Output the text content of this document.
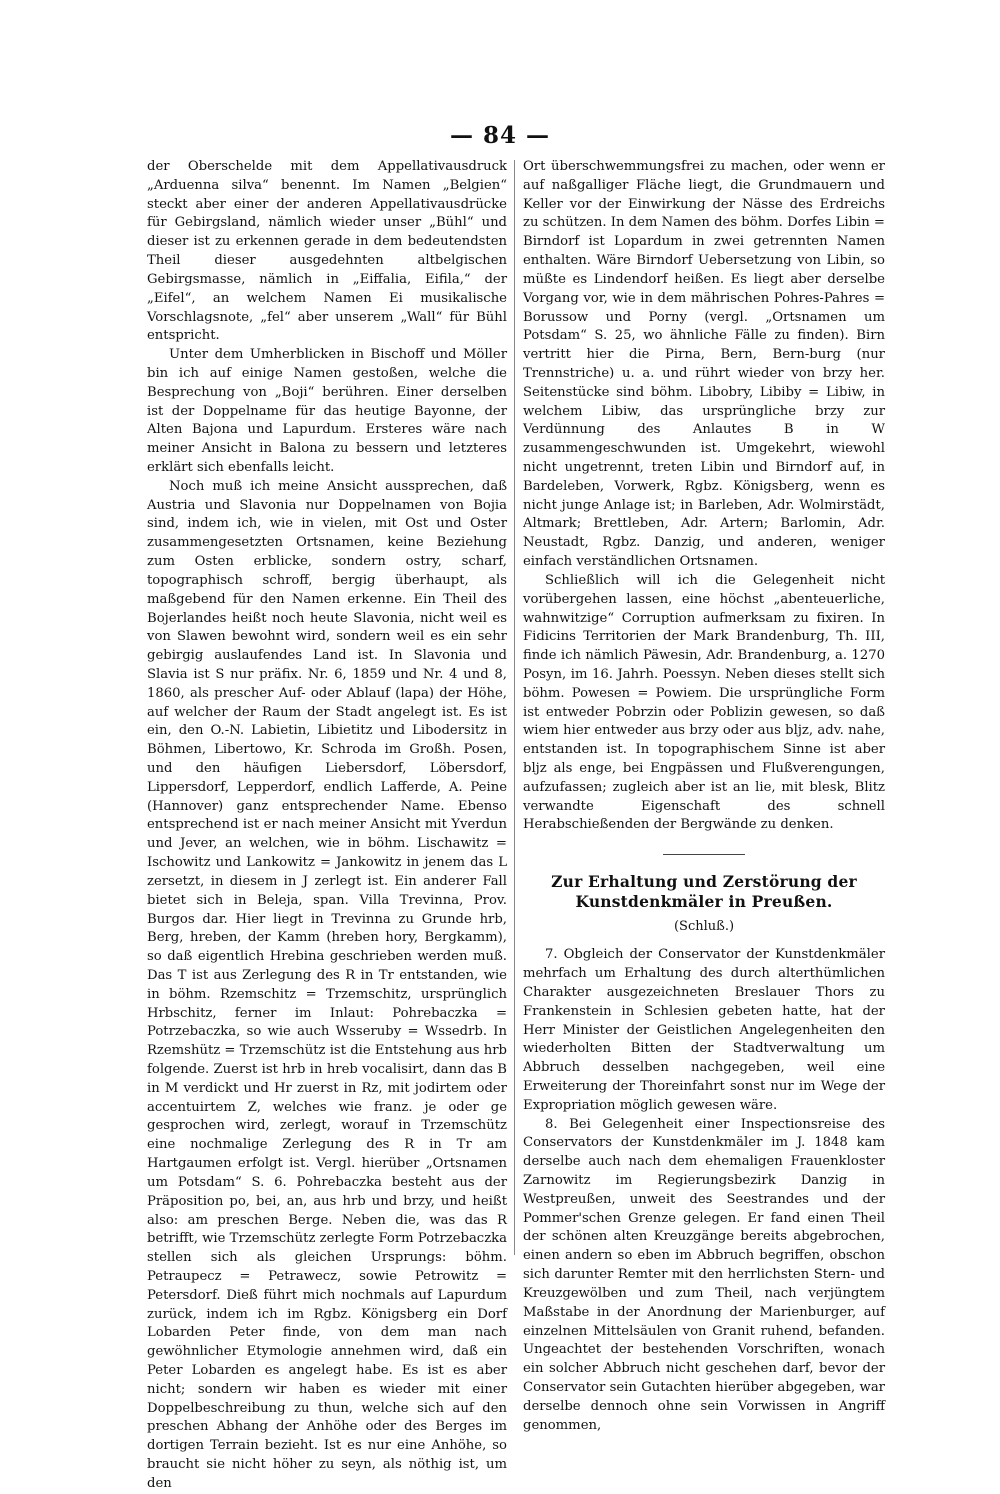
— 84 —

der Oberschelde mit dem Appellativausdruck „Arduenna silva“ benennt. Im Namen „Belgien“ steckt aber einer der anderen Appellativausdrücke für Gebirgsland, nämlich wieder unser „Bühl“ und dieser ist zu erkennen gerade in dem bedeutendsten Theil dieser ausgedehnten altbelgischen Gebirgsmasse, nämlich in „Eiffalia, Eifila,“ der „Eifel“, an welchem Namen Ei musikalische Vorschlagsnote, „fel“ aber unserem „Wall“ für Bühl entspricht.

Unter dem Umherblicken in Bischoff und Möller bin ich auf einige Namen gestoßen, welche die Besprechung von „Boji“ berühren. Einer derselben ist der Doppelname für das heutige Bayonne, der Alten Bajona und Lapurdum. Ersteres wäre nach meiner Ansicht in Balona zu bessern und letzteres erklärt sich ebenfalls leicht.

Noch muß ich meine Ansicht aussprechen, daß Austria und Slavonia nur Doppelnamen von Bojia sind, indem ich, wie in vielen, mit Ost und Oster zusammengesetzten Ortsnamen, keine Beziehung zum Osten erblicke, sondern ostry, scharf, topographisch schroff, bergig überhaupt, als maßgebend für den Namen erkenne. Ein Theil des Bojerlandes heißt noch heute Slavonia, nicht weil es von Slawen bewohnt wird, sondern weil es ein sehr gebirgig auslaufendes Land ist. In Slavonia und Slavia ist S nur präfix. Nr. 6, 1859 und Nr. 4 und 8, 1860, als prescher Auf- oder Ablauf (lapa) der Höhe, auf welcher der Raum der Stadt angelegt ist. Es ist ein, den O.-N. Labietin, Libietitz und Libodersitz in Böhmen, Libertowo, Kr. Schroda im Großh. Posen, und den häufigen Liebersdorf, Löbersdorf, Lippersdorf, Lepperdorf, endlich Lafferde, A. Peine (Hannover) ganz entsprechender Name. Ebenso entsprechend ist er nach meiner Ansicht mit Yverdun und Jever, an welchen, wie in böhm. Lischawitz = Ischowitz und Lankowitz = Jankowitz in jenem das L zersetzt, in diesem in J zerlegt ist. Ein anderer Fall bietet sich in Beleja, span. Villa Trevinna, Prov. Burgos dar. Hier liegt in Trevinna zu Grunde hrb, Berg, hreben, der Kamm (hreben hory, Bergkamm), so daß eigentlich Hrebina geschrieben werden muß. Das T ist aus Zerlegung des R in Tr entstanden, wie in böhm. Rzemschitz = Trzemschitz, ursprünglich Hrbschitz, ferner im Inlaut: Pohrebaczka = Potrzebaczka, so wie auch Wsseruby = Wssedrb. In Rzemshütz = Trzemschütz ist die Entstehung aus hrb folgende. Zuerst ist hrb in hreb vocalisirt, dann das B in M verdickt und Hr zuerst in Rz, mit jodirtem oder accentuirtem Z, welches wie franz. je oder ge gesprochen wird, zerlegt, worauf in Trzemschütz eine nochmalige Zerlegung des R in Tr am Hartgaumen erfolgt ist. Vergl. hierüber „Ortsnamen um Potsdam“ S. 6. Pohrebaczka besteht aus der Präposition po, bei, an, aus hrb und brzy, und heißt also: am preschen Berge. Neben die, was das R betrifft, wie Trzemschütz zerlegte Form Potrzebaczka stellen sich als gleichen Ursprungs: böhm. Petraupecz = Petrawecz, sowie Petrowitz = Petersdorf. Dieß führt mich nochmals auf Lapurdum zurück, indem ich im Rgbz. Königsberg ein Dorf Lobarden Peter finde, von dem man nach gewöhnlicher Etymologie annehmen wird, daß ein Peter Lobarden es angelegt habe. Es ist es aber nicht; sondern wir haben es wieder mit einer Doppelbeschreibung zu thun, welche sich auf den preschen Abhang der Anhöhe oder des Berges im dortigen Terrain bezieht. Ist es nur eine Anhöhe, so braucht sie nicht höher zu seyn, als nöthig ist, um den

Ort überschwemmungsfrei zu machen, oder wenn er auf naßgalliger Fläche liegt, die Grundmauern und Keller vor der Einwirkung der Nässe des Erdreichs zu schützen. In dem Namen des böhm. Dorfes Libin = Birndorf ist Lopardum in zwei getrennten Namen enthalten. Wäre Birndorf Uebersetzung von Libin, so müßte es Lindendorf heißen. Es liegt aber derselbe Vorgang vor, wie in dem mährischen Pohres-Pahres = Borussow und Porny (vergl. „Ortsnamen um Potsdam“ S. 25, wo ähnliche Fälle zu finden). Birn vertritt hier die Pirna, Bern, Bern-burg (nur Trennstriche) u. a. und rührt wieder von brzy her. Seitenstücke sind böhm. Libobry, Libiby = Libiw, in welchem Libiw, das ursprüngliche brzy zur Verdünnung des Anlautes B in W zusammengeschwunden ist. Umgekehrt, wiewohl nicht ungetrennt, treten Libin und Birndorf auf, in Bardeleben, Vorwerk, Rgbz. Königsberg, wenn es nicht junge Anlage ist; in Barleben, Adr. Wolmirstädt, Altmark; Brettleben, Adr. Artern; Barlomin, Adr. Neustadt, Rgbz. Danzig, und anderen, weniger einfach verständlichen Ortsnamen.

Schließlich will ich die Gelegenheit nicht vorübergehen lassen, eine höchst „abenteuerliche, wahnwitzige“ Corruption aufmerksam zu fixiren. In Fidicins Territorien der Mark Brandenburg, Th. III, finde ich nämlich Päwesin, Adr. Brandenburg, a. 1270 Posyn, im 16. Jahrh. Poessyn. Neben dieses stellt sich böhm. Powesen = Powiem. Die ursprüngliche Form ist entweder Pobrzin oder Poblizin gewesen, so daß wiem hier entweder aus brzy oder aus bljz, adv. nahe, entstanden ist. In topographischem Sinne ist aber blјz als enge, bei Engpässen und Flußverengungen, aufzufassen; zugleich aber ist an lie, mit blesk, Blitz verwandte Eigenschaft des schnell Herabschießenden der Bergwände zu denken.

Zur Erhaltung und Zerstörung der Kunstdenkmäler in Preußen.
(Schluß.)

7. Obgleich der Conservator der Kunstdenkmäler mehrfach um Erhaltung des durch alterthümlichen Charakter ausgezeichneten Breslauer Thors zu Frankenstein in Schlesien gebeten hatte, hat der Herr Minister der Geistlichen Angelegenheiten den wiederholten Bitten der Stadtverwaltung um Abbruch desselben nachgegeben, weil eine Erweiterung der Thoreinfahrt sonst nur im Wege der Expropriation möglich gewesen wäre.

8. Bei Gelegenheit einer Inspectionsreise des Conservators der Kunstdenkmäler im J. 1848 kam derselbe auch nach dem ehemaligen Frauenkloster Zarnowitz im Regierungsbezirk Danzig in Westpreußen, unweit des Seestrandes und der Pommer'schen Grenze gelegen. Er fand einen Theil der schönen alten Kreuzgänge bereits abgebrochen, einen andern so eben im Abbruch begriffen, obschon sich darunter Remter mit den herrlichsten Stern- und Kreuzgewölben und zum Theil, nach verjüngtem Maßstabe in der Anordnung der Marienburger, auf einzelnen Mittelsäulen von Granit ruhend, befanden. Ungeachtet der bestehenden Vorschriften, wonach ein solcher Abbruch nicht geschehen darf, bevor der Conservator sein Gutachten hierüber abgegeben, war derselbe dennoch ohne sein Vorwissen in Angriff genommen,
